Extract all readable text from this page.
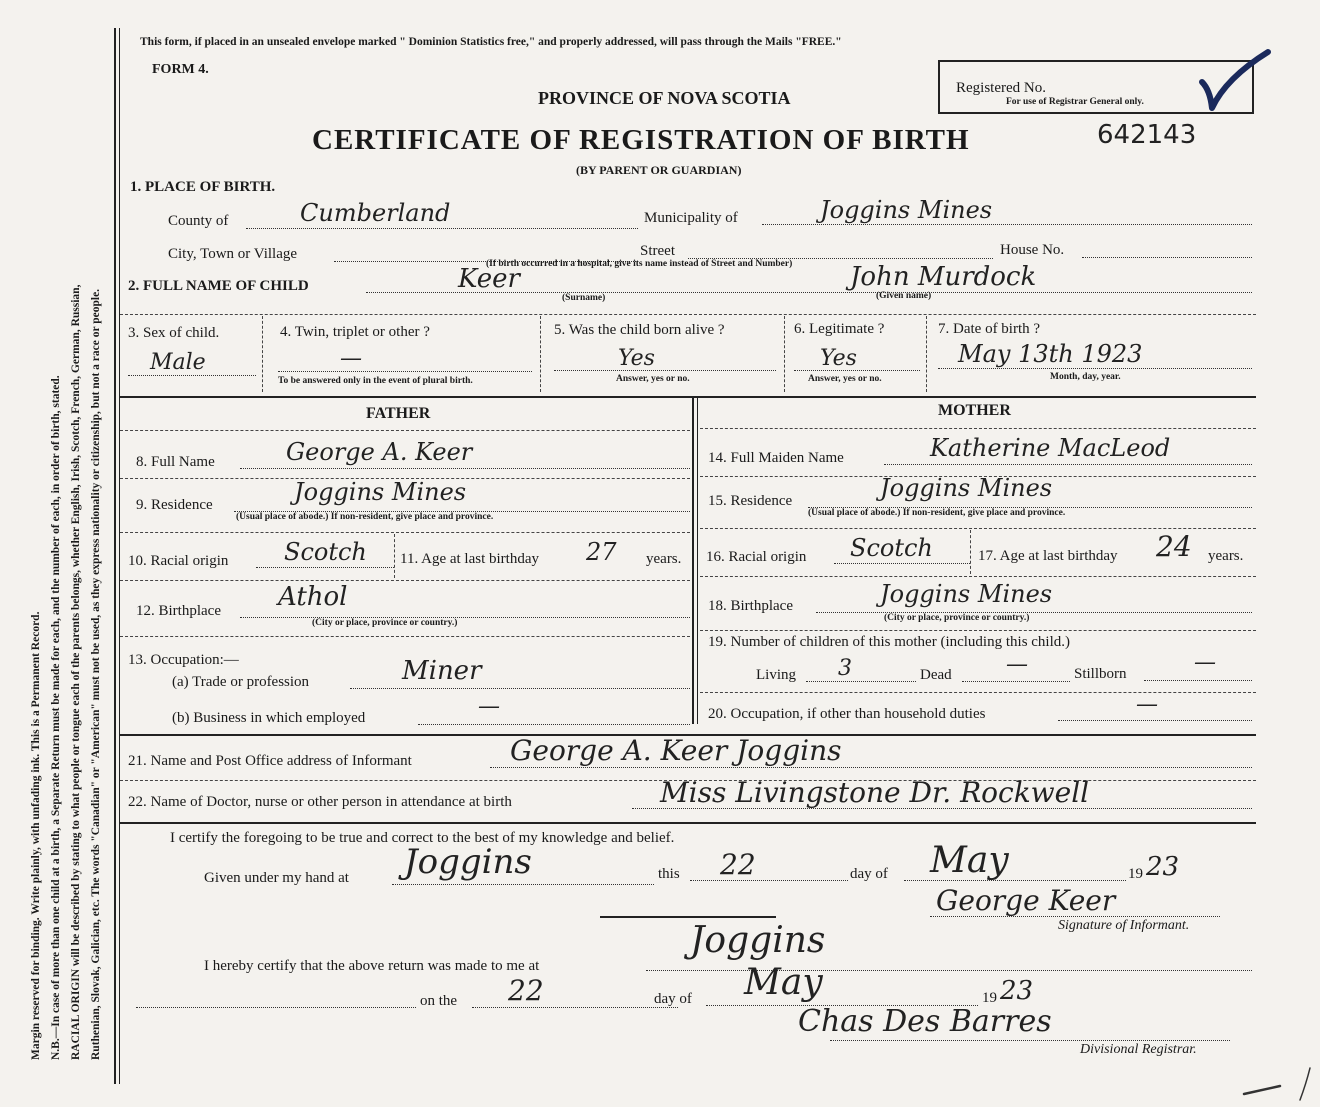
Margin reserved for binding. Write plainly, with unfading ink. This is a Permanent Record. N.B.—In case of more than one child at a birth, a Separate Return must be made for each, and the number of each, in order of birth, stated. RACIAL ORIGIN will be described by stating to what people or tongue each of the parents belongs, whether English, Irish, Scotch, French, German, Russian, Ruthenian, Slovak, Galician, etc. The words "Canadian" or "American" must not be used, as they express nationality or citizenship, but not a race or people.
This form, if placed in an unsealed envelope marked " Dominion Statistics free," and properly addressed, will pass through the Mails "FREE."
FORM 4.
PROVINCE OF NOVA SCOTIA	Registered No.
For use of Registrar General only.
CERTIFICATE OF REGISTRATION OF BIRTH	642143
(BY PARENT OR GUARDIAN)
1. PLACE OF BIRTH.
County of	Cumberland	Municipality of	Joggins Mines
City, Town or Village	Street	House No.
(If birth occurred in a hospital, give its name instead of Street and Number)
2. FULL NAME OF CHILD	Keer
(Surname)
John Murdock
(Given name)
3. Sex of child.
Male
4. Twin, triplet or other ?
—
To be answered only in the event of plural birth.
5. Was the child born alive ?
Yes
Answer, yes or no.
6. Legitimate ?
Yes
Answer, yes or no.
7. Date of birth ?
May 13th 1923
Month, day, year.
FATHER
8. Full Name	George A. Keer
9. Residence	Joggins Mines
(Usual place of abode.) If non-resident, give place and province.
10. Racial origin Scotch 11. Age at last birthday 27 years.
12. Birthplace Athol
(City or place, province or country.)
13. Occupation:—
(a) Trade or profession	Miner
(b) Business in which employed	—
MOTHER
14. Full Maiden Name	Katherine MacLeod
15. Residence	Joggins Mines
(Usual place of abode.) If non-resident, give place and province.
16. Racial origin Scotch	17. Age at last birthday 24 years.
18. Birthplace	Joggins Mines
(City or place, province or country.)
19. Number of children of this mother (including this child.)
Living 3	Dead —	Stillborn	—
20. Occupation, if other than household duties	—
21. Name and Post Office address of Informant	George A. Keer Joggins
22. Name of Doctor, nurse or other person in attendance at birth	Miss Livingstone Dr. Rockwell
I certify the foregoing to be true and correct to the best of my knowledge and belief.
Given under my hand at Joggins	this 22	day of May	19 23
George Keer
Signature of Informant.
I hereby certify that the above return was made to me at
Joggins
on the 22	day of May	19 23
Chas Des Barres
Divisional Registrar.
